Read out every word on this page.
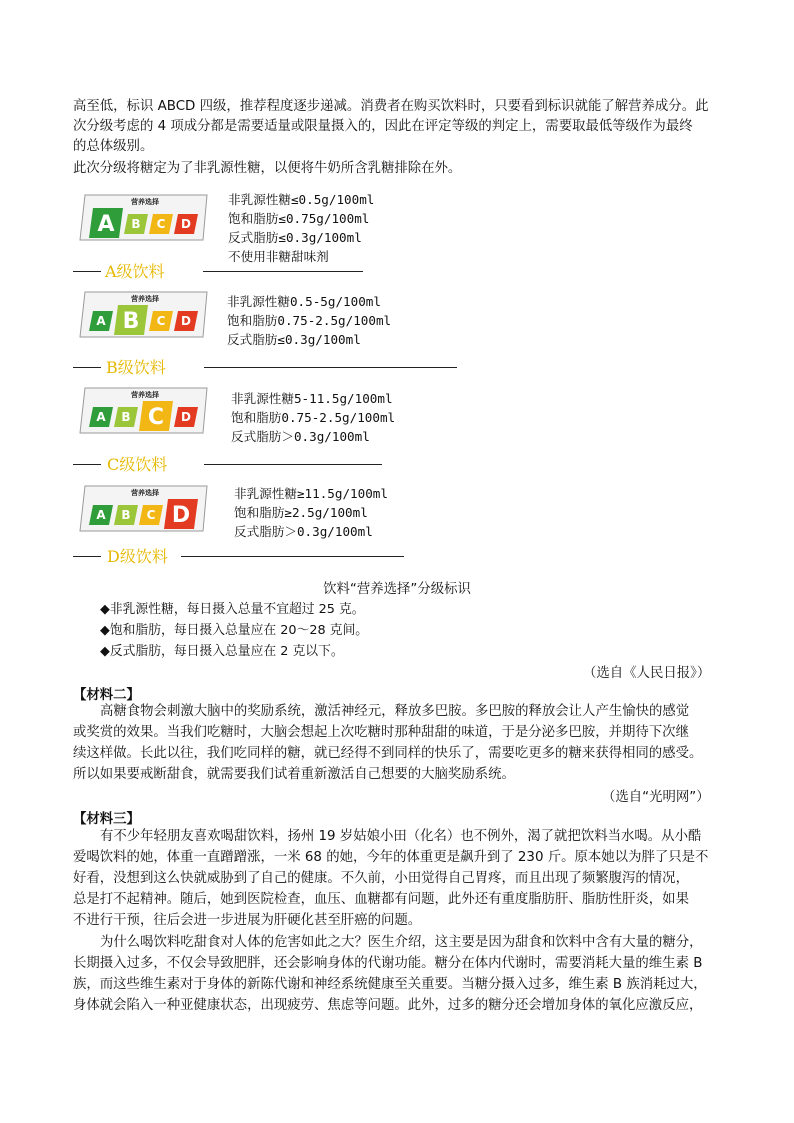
高至低，标识 ABCD 四级，推荐程度逐步递减。消费者在购买饮料时，只要看到标识就能了解营养成分。此
次分级考虑的 4 项成分都是需要适量或限量摄入的，因此在评定等级的判定上，需要取最低等级作为最终
的总体级别。
此次分级将糖定为了非乳源性糖，以便将牛奶所含乳糖排除在外。
营养选择
A B C D
非乳源性糖≤0.5g/100ml
饱和脂肪≤0.75g/100ml
反式脂肪≤0.3g/100ml
不使用非糖甜味剂
A级饮料
营养选择
A B C D
非乳源性糖0.5-5g/100ml
饱和脂肪0.75-2.5g/100ml
反式脂肪≤0.3g/100ml
B级饮料
营养选择
A B C D
非乳源性糖5-11.5g/100ml
饱和脂肪0.75-2.5g/100ml
反式脂肪＞0.3g/100ml
C级饮料
营养选择
A B C D
非乳源性糖≥11.5g/100ml
饱和脂肪≥2.5g/100ml
反式脂肪＞0.3g/100ml
D级饮料
饮料“营养选择”分级标识
◆非乳源性糖，每日摄入总量不宜超过 25 克。
◆饱和脂肪，每日摄入总量应在 20～28 克间。
◆反式脂肪，每日摄入总量应在 2 克以下。
（选自《人民日报》）
【材料二】
高糖食物会刺激大脑中的奖励系统，激活神经元，释放多巴胺。多巴胺的释放会让人产生愉快的感觉
或奖赏的效果。当我们吃糖时，大脑会想起上次吃糖时那种甜甜的味道，于是分泌多巴胺，并期待下次继
续这样做。长此以往，我们吃同样的糖，就已经得不到同样的快乐了，需要吃更多的糖来获得相同的感受。
所以如果要戒断甜食，就需要我们试着重新激活自己想要的大脑奖励系统。
（选自“光明网”）
【材料三】
有不少年轻朋友喜欢喝甜饮料，扬州 19 岁姑娘小田（化名）也不例外，渴了就把饮料当水喝。从小酷
爱喝饮料的她，体重一直蹭蹭涨，一米 68 的她，今年的体重更是飙升到了 230 斤。原本她以为胖了只是不
好看，没想到这么快就威胁到了自己的健康。不久前，小田觉得自己胃疼，而且出现了频繁腹泻的情况，
总是打不起精神。随后，她到医院检查，血压、血糖都有问题，此外还有重度脂肪肝、脂肪性肝炎，如果
不进行干预，往后会进一步进展为肝硬化甚至肝癌的问题。
为什么喝饮料吃甜食对人体的危害如此之大？医生介绍，这主要是因为甜食和饮料中含有大量的糖分，
长期摄入过多，不仅会导致肥胖，还会影响身体的代谢功能。糖分在体内代谢时，需要消耗大量的维生素 B
族，而这些维生素对于身体的新陈代谢和神经系统健康至关重要。当糖分摄入过多，维生素 B 族消耗过大，
身体就会陷入一种亚健康状态，出现疲劳、焦虑等问题。此外，过多的糖分还会增加身体的氧化应激反应，
